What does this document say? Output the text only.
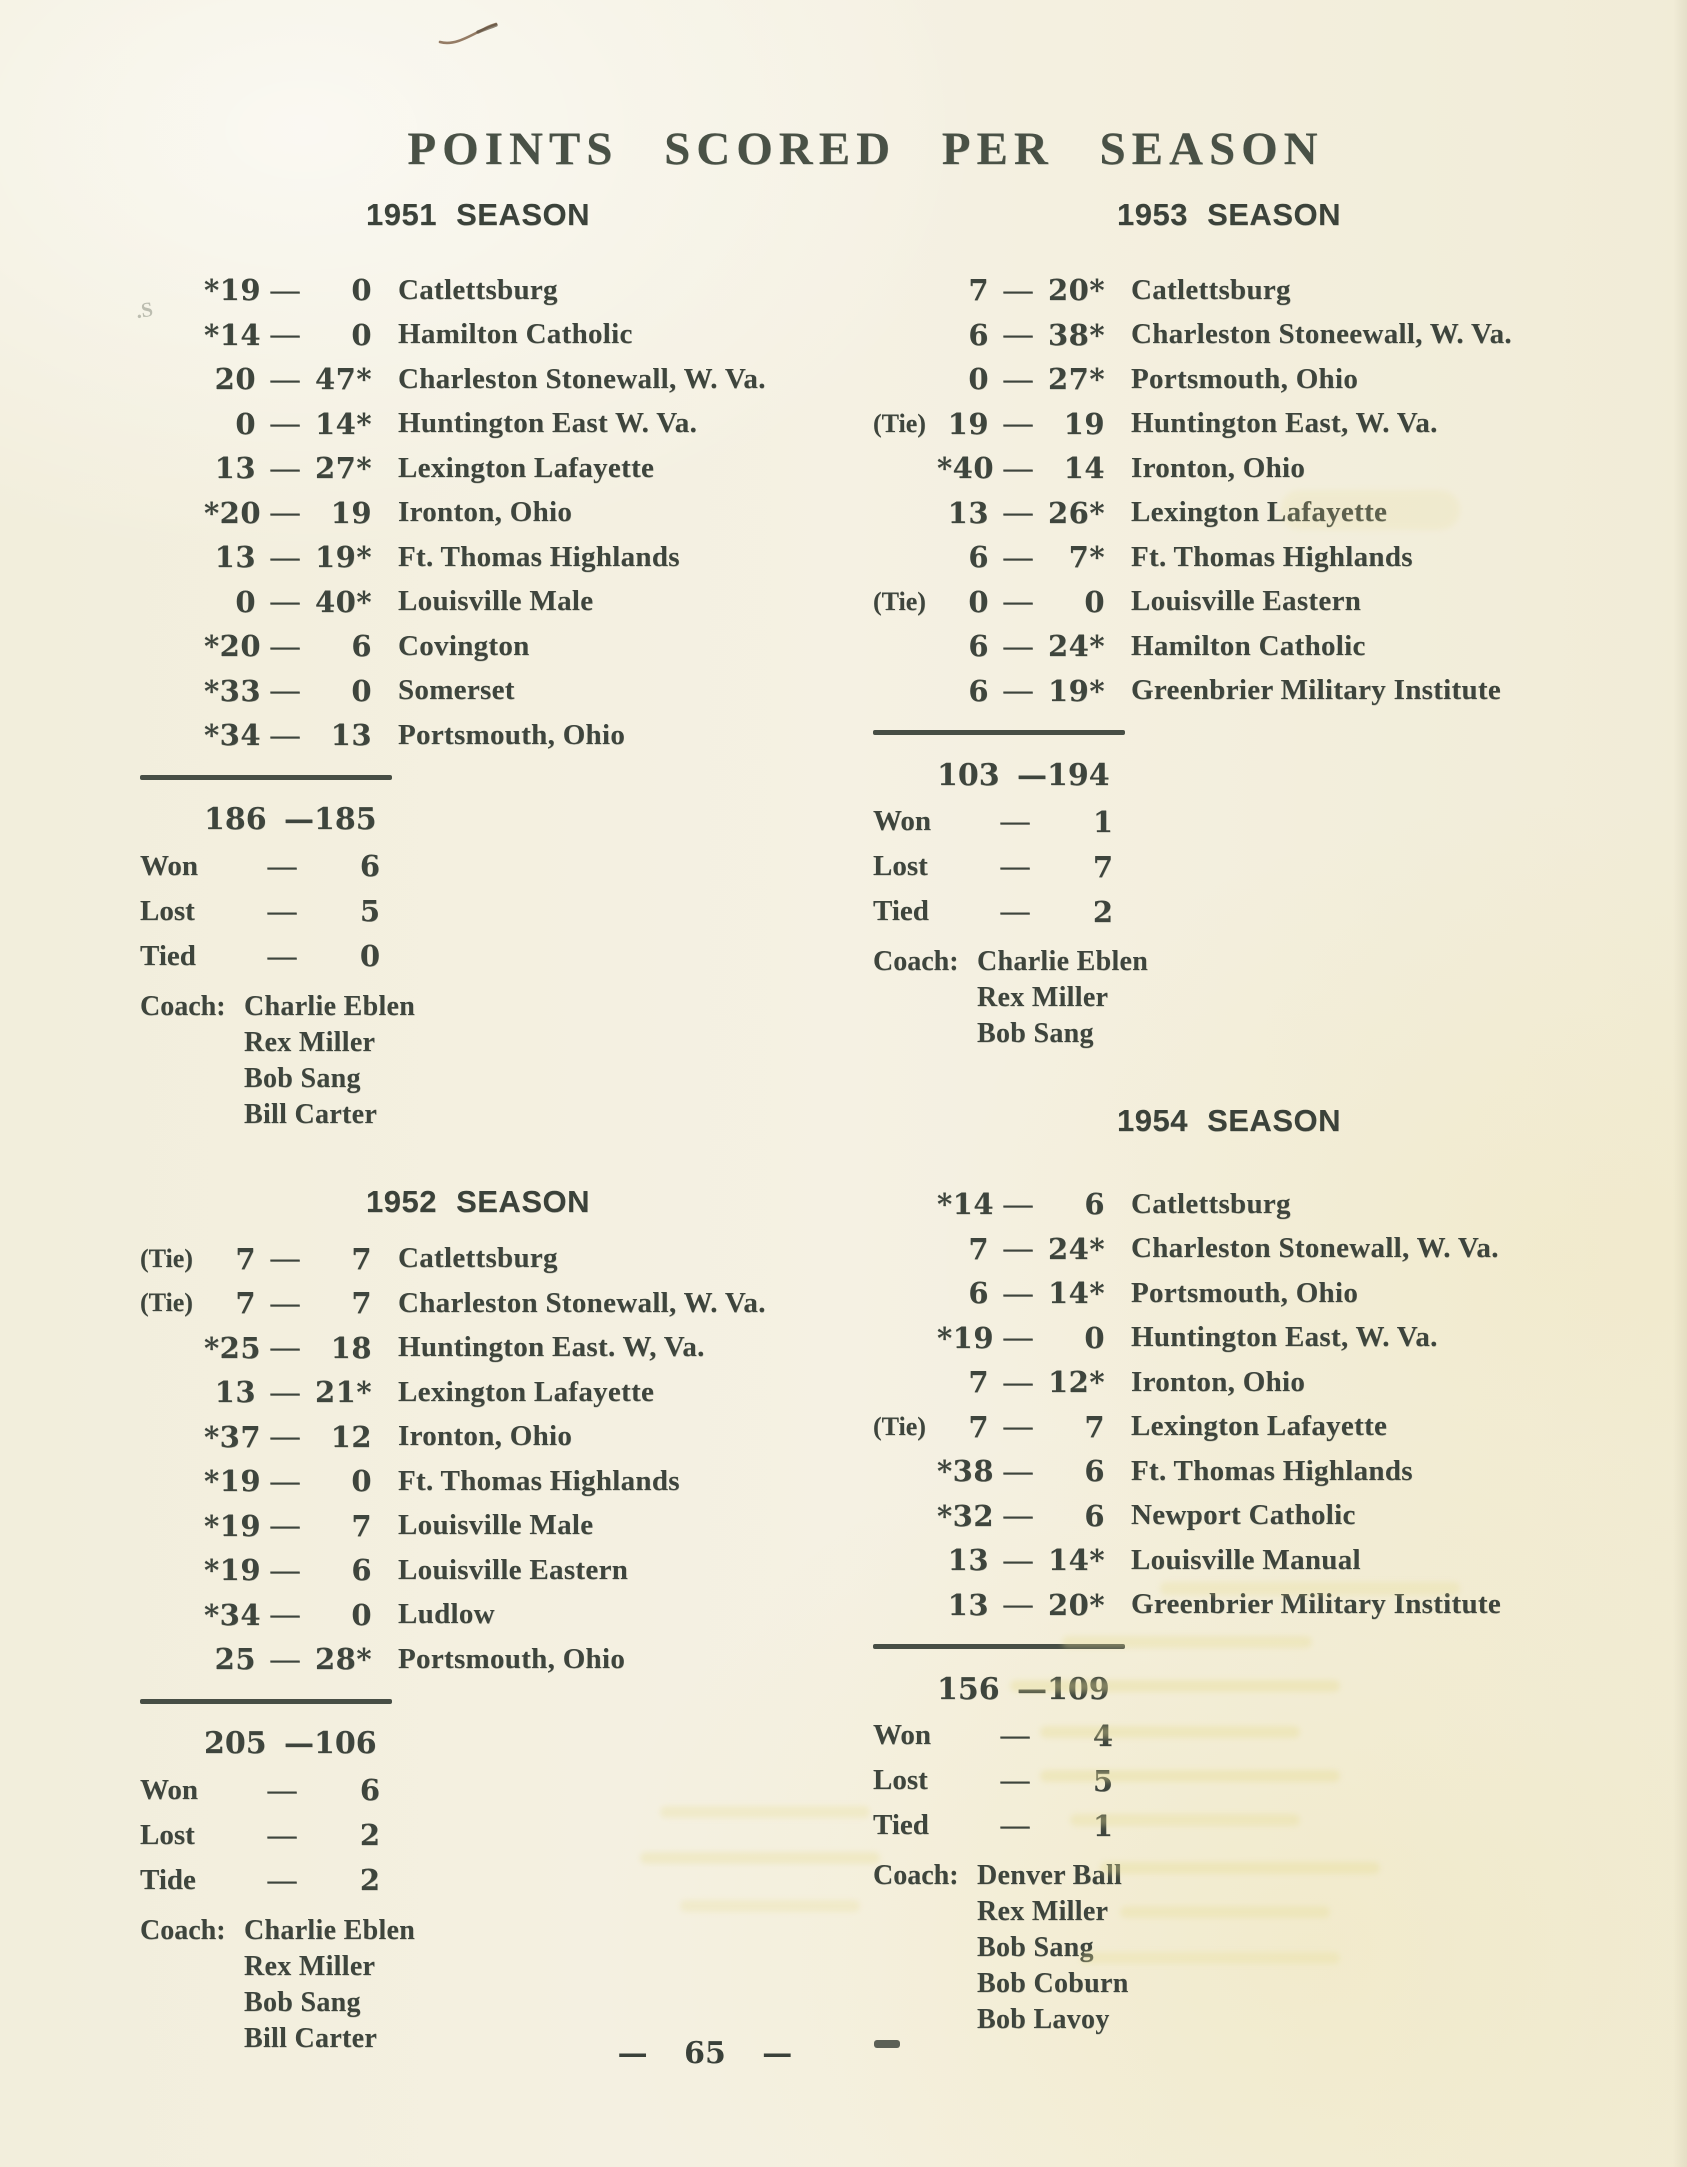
POINTS SCORED PER SEASON
1951 SEASON
*19 —	0 Catlettsburg
*14 —	0 Hamilton Catholic
20 — 47* Charleston Stonewall, W. Va.
0 — 14* Huntington East W. Va.
13 — 27* Lexington Lafayette
*20 —	19 Ironton, Ohio
13 — 19* Ft. Thomas Highlands
0 — 40* Louisville Male
*20 —	6 Covington
*33 —	0 Somerset
*34 —	13 Portsmouth, Ohio
186 —185
Won	—	6
Lost	—	5
Tied	—	0
Coach: Charlie Eblen
Rex Miller
Bob Sang
Bill Carter
1952 SEASON
(Tie)	7 —	7 Catlettsburg
(Tie)	7 —	7 Charleston Stonewall, W. Va.
*25 —	18 Huntington East. W, Va.
13 — 21* Lexington Lafayette
*37 —	12 Ironton, Ohio
*19 —	0 Ft. Thomas Highlands
*19 —	7 Louisville Male
*19 —	6 Louisville Eastern
*34 —	0 Ludlow
25 — 28* Portsmouth, Ohio
205 —106
Won	—	6
Lost	—	2
Tide	—	2
Coach: Charlie Eblen
Rex Miller
Bob Sang
Bill Carter
1953 SEASON
7 — 20* Catlettsburg
6 — 38* Charleston Stoneewall, W. Va.
0 — 27* Portsmouth, Ohio
(Tie) 19 —	19 Huntington East, W. Va.
*40 —	14 Ironton, Ohio
13 — 26* Lexington Lafayette
6 —	7* Ft. Thomas Highlands
(Tie)	0 —	0 Louisville Eastern
6 — 24* Hamilton Catholic
6 — 19* Greenbrier Military Institute
103 —194
Won	—	1
Lost	—	7
Tied	—	2
Coach: Charlie Eblen
Rex Miller
Bob Sang
1954 SEASON
*14 —	6 Catlettsburg
7 — 24* Charleston Stonewall, W. Va.
6 — 14* Portsmouth, Ohio
*19 —	0 Huntington East, W. Va.
7 — 12* Ironton, Ohio
(Tie)	7 —	7 Lexington Lafayette
*38 —	6 Ft. Thomas Highlands
*32 —	6 Newport Catholic
13 — 14* Louisville Manual
13 — 20* Greenbrier Military Institute
156 —109
Won	—	4
Lost	—	5
Tied	—	1
Coach: Denver Ball
Rex Miller
Bob Sang
Bob Coburn
Bob Lavoy
— 65 —
.S
